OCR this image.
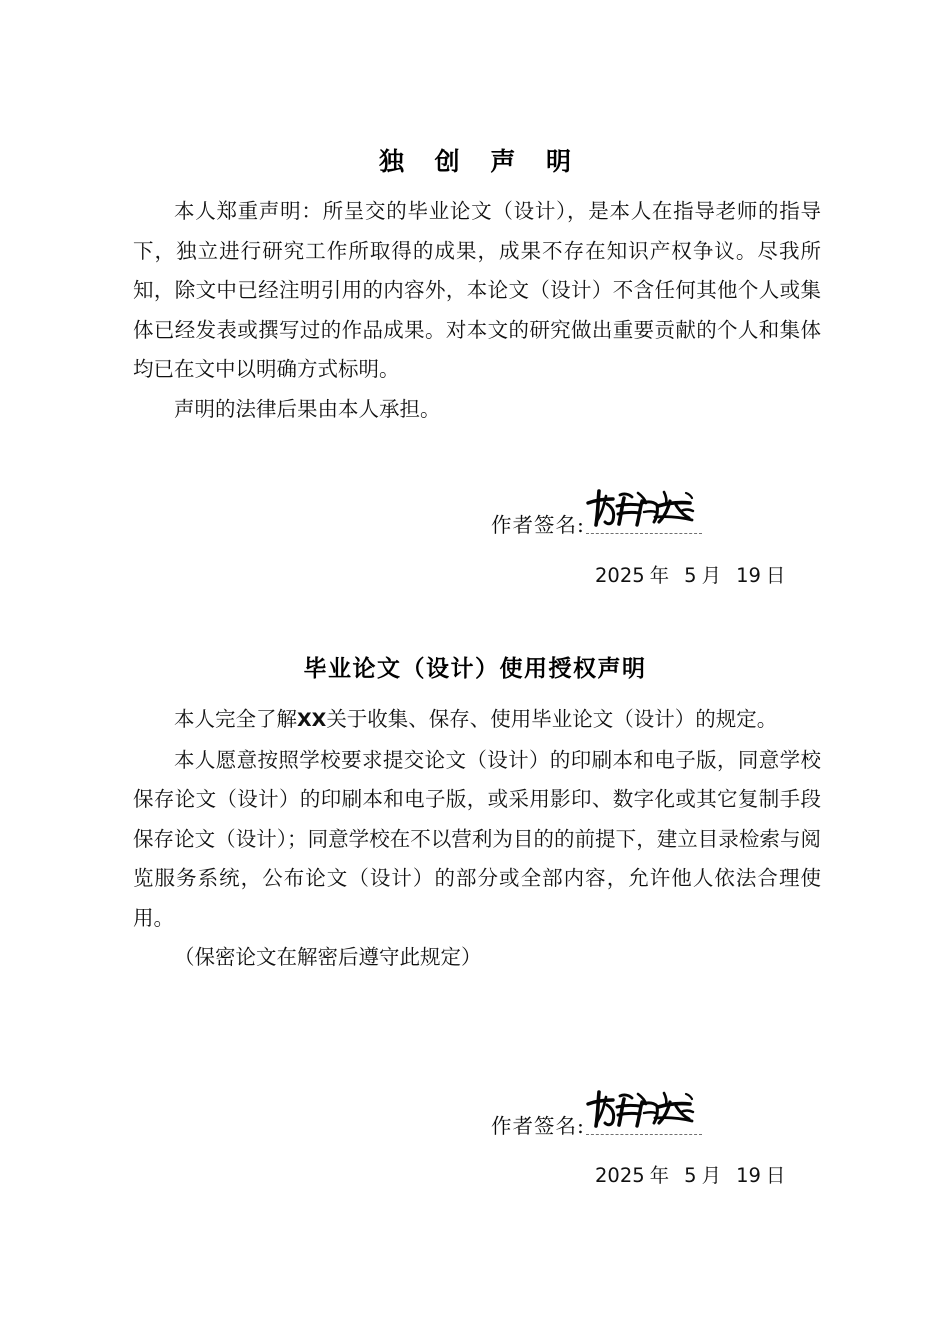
独 创 声 明

本人郑重声明：所呈交的毕业论文（设计），是本人在指导老师的指导下，独立进行研究工作所取得的成果，成果不存在知识产权争议。尽我所知，除文中已经注明引用的内容外，本论文（设计）不含任何其他个人或集体已经发表或撰写过的作品成果。对本文的研究做出重要贡献的个人和集体均已在文中以明确方式标明。

声明的法律后果由本人承担。

作者签名:
2025 年 5 月 19 日
毕业论文（设计）使用授权声明

本人完全了解XX关于收集、保存、使用毕业论文（设计）的规定。

本人愿意按照学校要求提交论文（设计）的印刷本和电子版，同意学校保存论文（设计）的印刷本和电子版，或采用影印、数字化或其它复制手段保存论文（设计）；同意学校在不以营利为目的的前提下，建立目录检索与阅览服务系统，公布论文（设计）的部分或全部内容，允许他人依法合理使用。

（保密论文在解密后遵守此规定）

作者签名:
2025 年 5 月 19 日
